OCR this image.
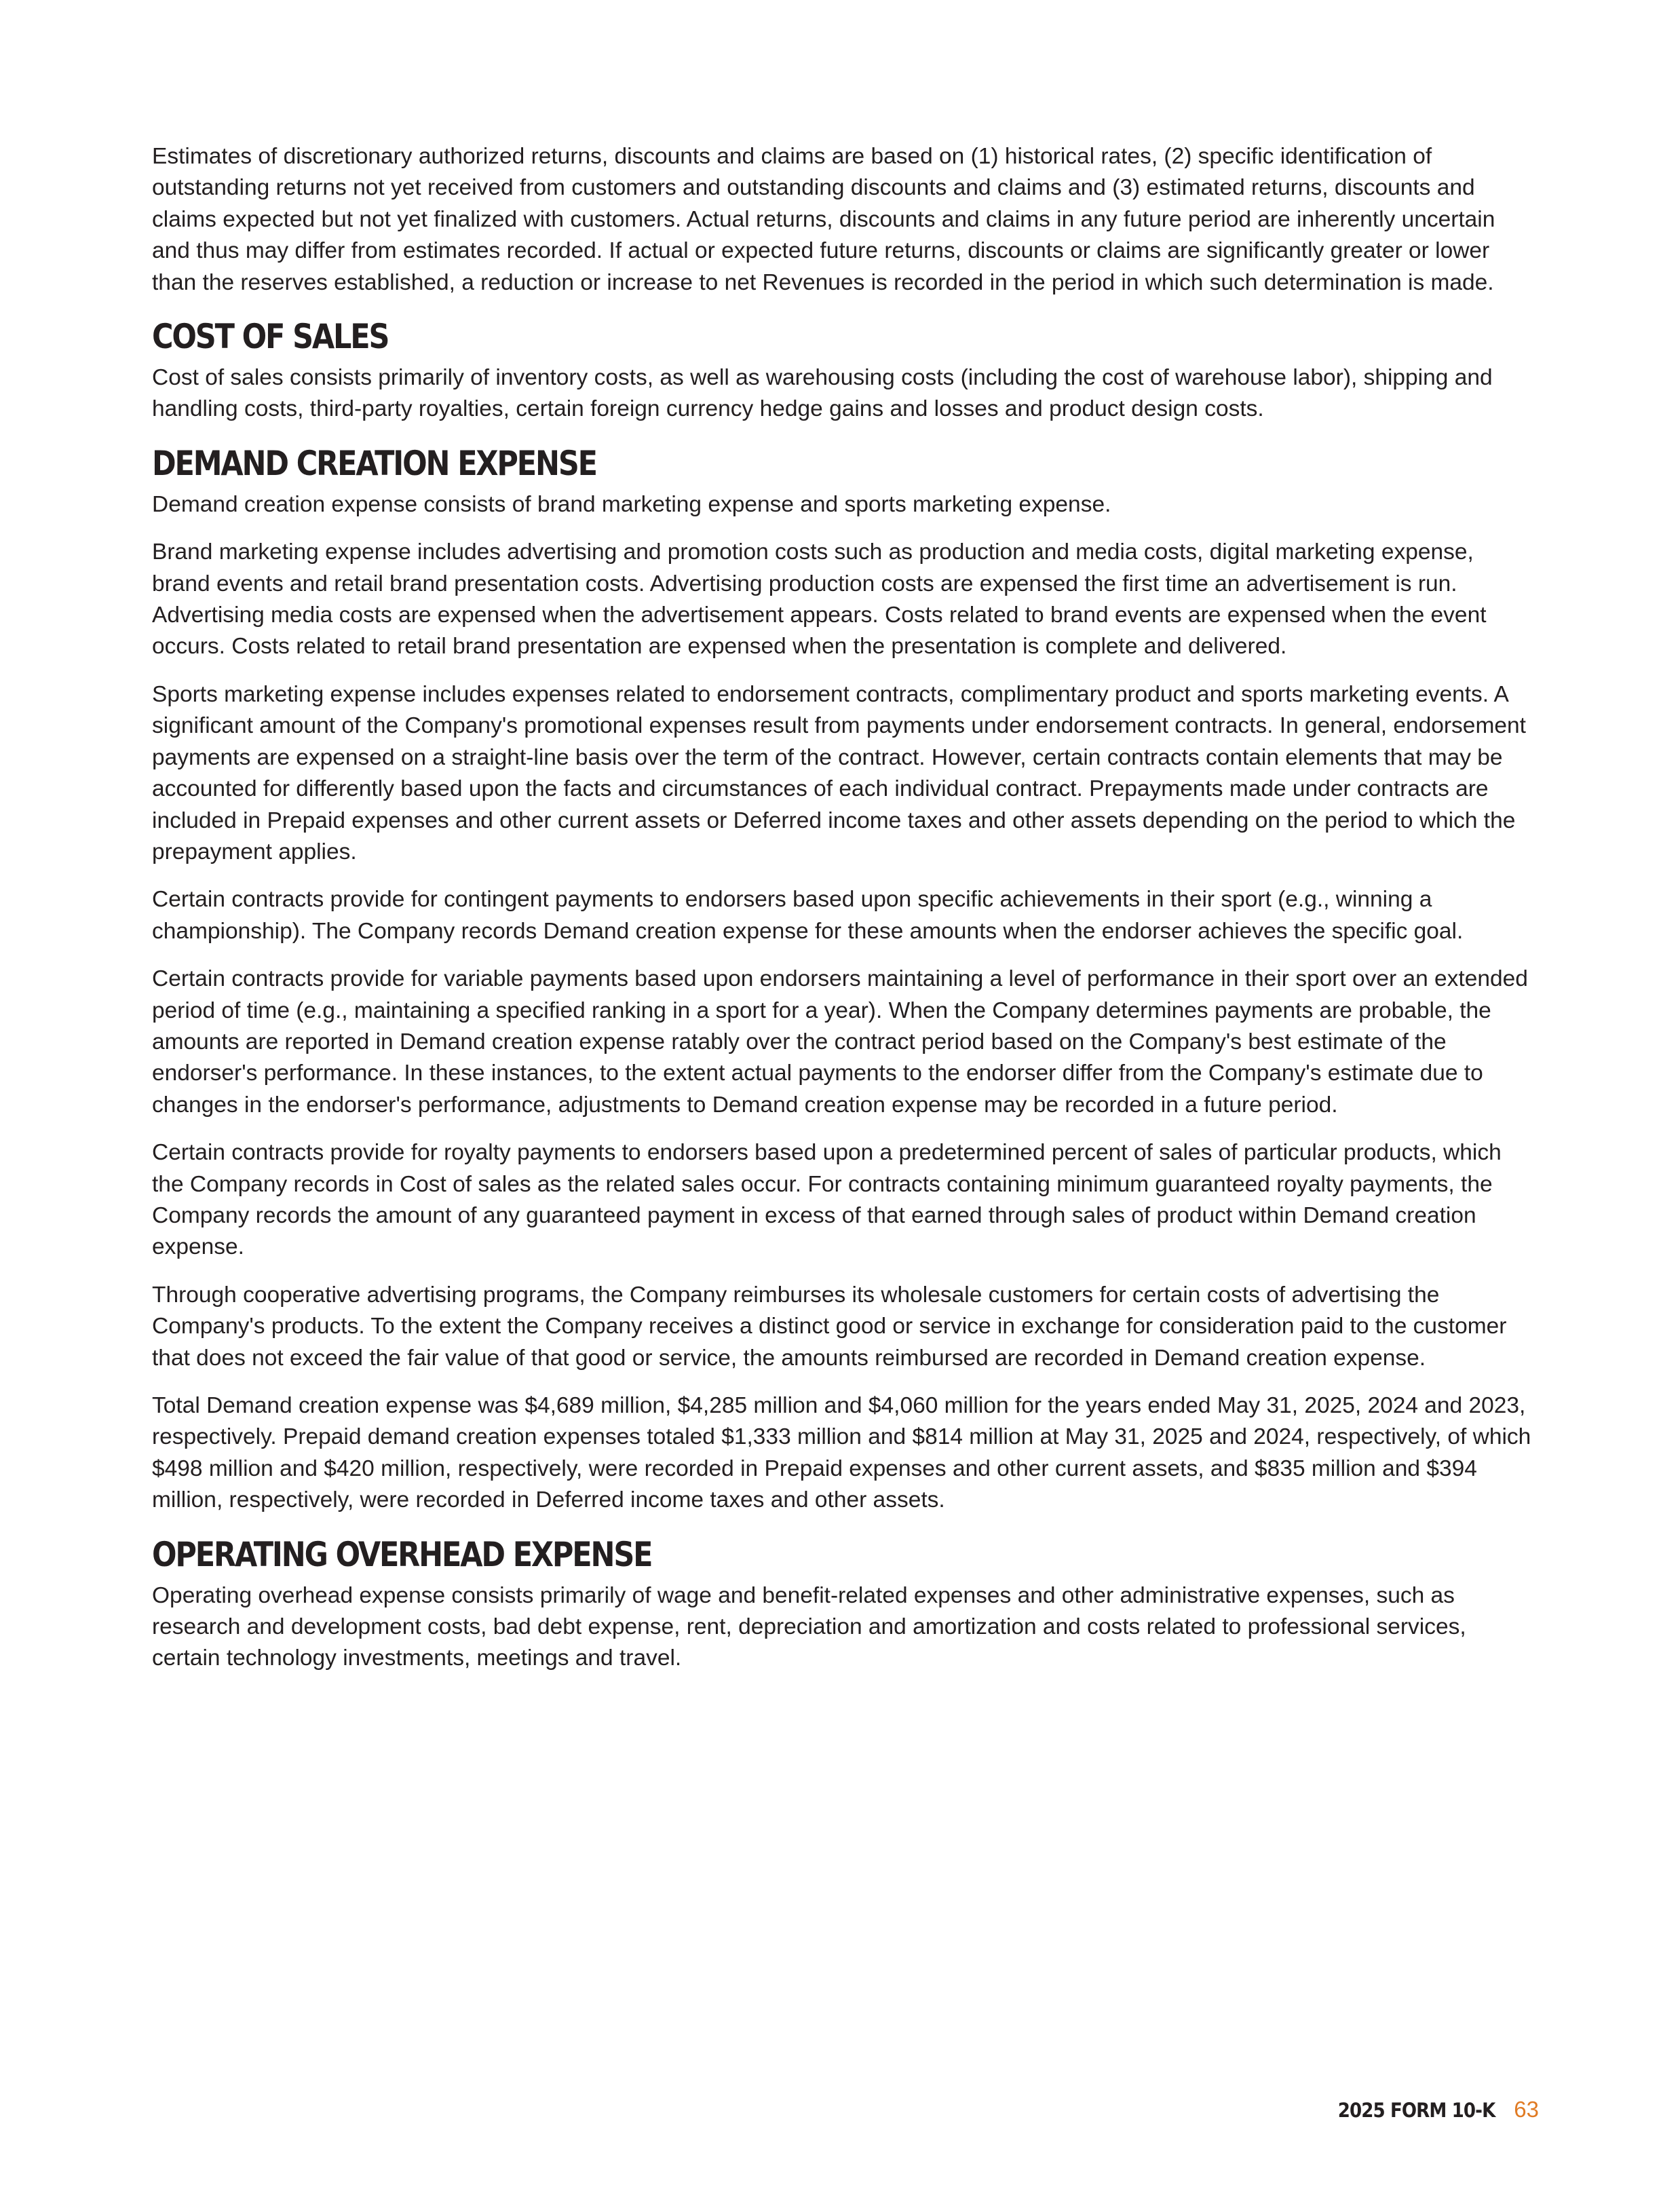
Estimates of discretionary authorized returns, discounts and claims are based on (1) historical rates, (2) specific identification of outstanding returns not yet received from customers and outstanding discounts and claims and (3) estimated returns, discounts and claims expected but not yet finalized with customers. Actual returns, discounts and claims in any future period are inherently uncertain and thus may differ from estimates recorded. If actual or expected future returns, discounts or claims are significantly greater or lower than the reserves established, a reduction or increase to net Revenues is recorded in the period in which such determination is made.

COST OF SALES

Cost of sales consists primarily of inventory costs, as well as warehousing costs (including the cost of warehouse labor), shipping and handling costs, third-party royalties, certain foreign currency hedge gains and losses and product design costs.

DEMAND CREATION EXPENSE

Demand creation expense consists of brand marketing expense and sports marketing expense.

Brand marketing expense includes advertising and promotion costs such as production and media costs, digital marketing expense, brand events and retail brand presentation costs. Advertising production costs are expensed the first time an advertisement is run. Advertising media costs are expensed when the advertisement appears. Costs related to brand events are expensed when the event occurs. Costs related to retail brand presentation are expensed when the presentation is complete and delivered.

Sports marketing expense includes expenses related to endorsement contracts, complimentary product and sports marketing events. A significant amount of the Company's promotional expenses result from payments under endorsement contracts. In general, endorsement payments are expensed on a straight-line basis over the term of the contract. However, certain contracts contain elements that may be accounted for differently based upon the facts and circumstances of each individual contract. Prepayments made under contracts are included in Prepaid expenses and other current assets or Deferred income taxes and other assets depending on the period to which the prepayment applies.

Certain contracts provide for contingent payments to endorsers based upon specific achievements in their sport (e.g., winning a championship). The Company records Demand creation expense for these amounts when the endorser achieves the specific goal.

Certain contracts provide for variable payments based upon endorsers maintaining a level of performance in their sport over an extended period of time (e.g., maintaining a specified ranking in a sport for a year). When the Company determines payments are probable, the amounts are reported in Demand creation expense ratably over the contract period based on the Company's best estimate of the endorser's performance. In these instances, to the extent actual payments to the endorser differ from the Company's estimate due to changes in the endorser's performance, adjustments to Demand creation expense may be recorded in a future period.

Certain contracts provide for royalty payments to endorsers based upon a predetermined percent of sales of particular products, which the Company records in Cost of sales as the related sales occur. For contracts containing minimum guaranteed royalty payments, the Company records the amount of any guaranteed payment in excess of that earned through sales of product within Demand creation expense.

Through cooperative advertising programs, the Company reimburses its wholesale customers for certain costs of advertising the Company's products. To the extent the Company receives a distinct good or service in exchange for consideration paid to the customer that does not exceed the fair value of that good or service, the amounts reimbursed are recorded in Demand creation expense.

Total Demand creation expense was $4,689 million, $4,285 million and $4,060 million for the years ended May 31, 2025, 2024 and 2023, respectively. Prepaid demand creation expenses totaled $1,333 million and $814 million at May 31, 2025 and 2024, respectively, of which $498 million and $420 million, respectively, were recorded in Prepaid expenses and other current assets, and $835 million and $394 million, respectively, were recorded in Deferred income taxes and other assets.

OPERATING OVERHEAD EXPENSE

Operating overhead expense consists primarily of wage and benefit-related expenses and other administrative expenses, such as research and development costs, bad debt expense, rent, depreciation and amortization and costs related to professional services, certain technology investments, meetings and travel.

2025 FORM 10-K 63
